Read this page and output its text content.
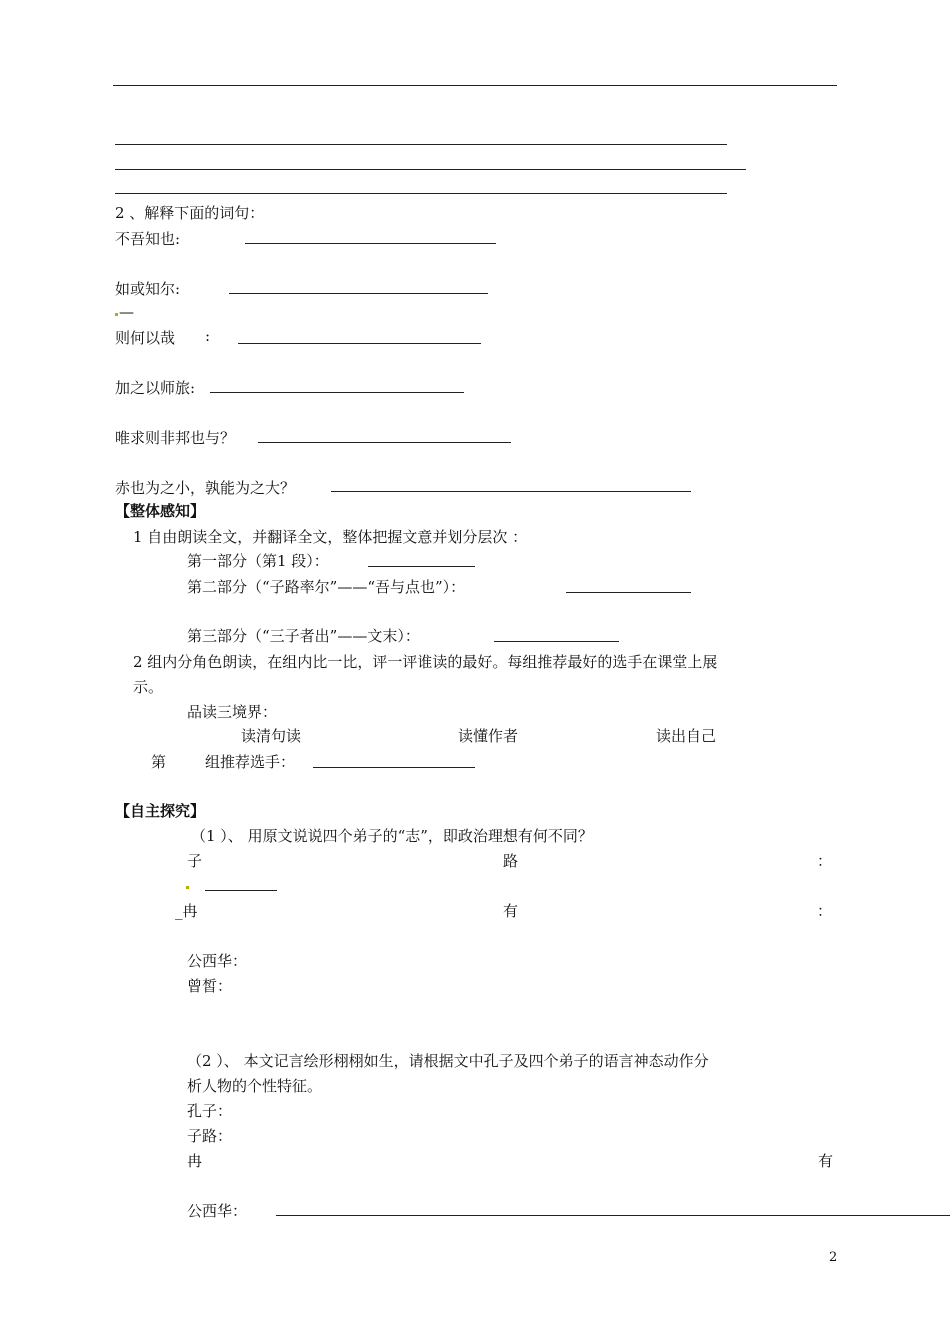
2 、解释下面的词句：
不吾知也:
如或知尔:
—
则何以哉 :
加之以师旅:
唯求则非邦也与？
赤也为之小，孰能为之大？
【整体感知】
1 自由朗读全文，并翻译全文，整体把握文意并划分层次 ：
第一部分（第1 段）：
第二部分（“子路率尔”——“吾与点也”）：
第三部分（“三子者出”——文末）：
2 组内分角色朗读，在组内比一比，评一评谁读的最好。每组推荐最好的选手在课堂上展
示。
品读三境界：
读清句读	读懂作者	读出自己
第	组推荐选手：
【自主探究】
（1 ）、 用原文说说四个弟子的“志”，即政治理想有何不同？
子	路	：
_冉	有	：
公西华：
曾皙：
（2 ）、 本文记言绘形栩栩如生，请根据文中孔子及四个弟子的语言神态动作分
析人物的个性特征。
孔子：
子路：
冉	有
公西华：
2
